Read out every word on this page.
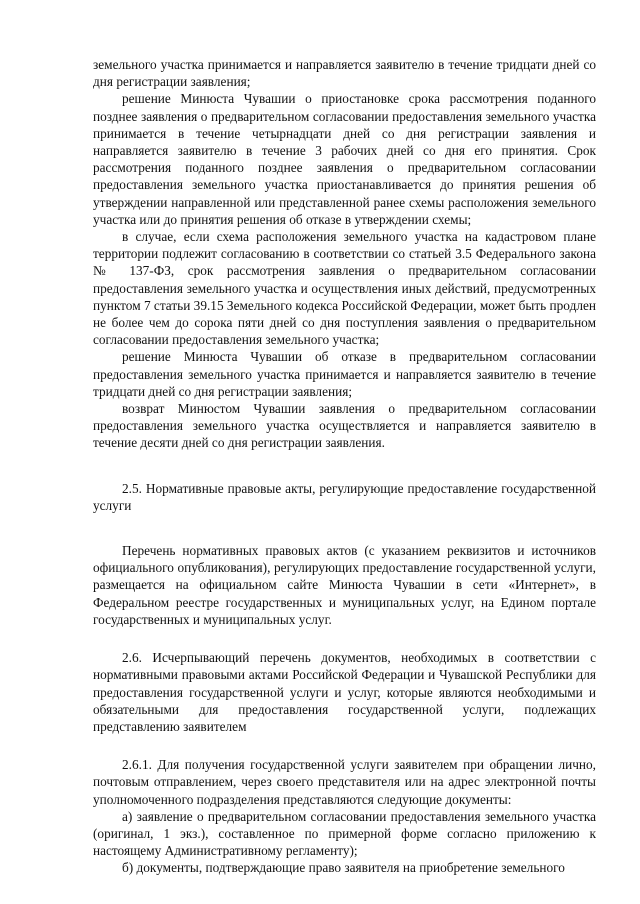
земельного участка принимается и направляется заявителю в течение тридцати дней со дня регистрации заявления;

решение Минюста Чувашии о приостановке срока рассмотрения поданного позднее заявления о предварительном согласовании предоставления земельного участка принимается в течение четырнадцати дней со дня регистрации заявления и направляется заявителю в течение 3 рабочих дней со дня его принятия. Срок рассмотрения поданного позднее заявления о предварительном согласовании предоставления земельного участка приостанавливается до принятия решения об утверждении направленной или представленной ранее схемы расположения земельного участка или до принятия решения об отказе в утверждении схемы;

в случае, если схема расположения земельного участка на кадастровом плане территории подлежит согласованию в соответствии со статьей 3.5 Федерального закона № 137-ФЗ, срок рассмотрения заявления о предварительном согласовании предоставления земельного участка и осуществления иных действий, предусмотренных пунктом 7 статьи 39.15 Земельного кодекса Российской Федерации, может быть продлен не более чем до сорока пяти дней со дня поступления заявления о предварительном согласовании предоставления земельного участка;

решение Минюста Чувашии об отказе в предварительном согласовании предоставления земельного участка принимается и направляется заявителю в течение тридцати дней со дня регистрации заявления;

возврат Минюстом Чувашии заявления о предварительном согласовании предоставления земельного участка осуществляется и направляется заявителю в течение десяти дней со дня регистрации заявления.

2.5. Нормативные правовые акты, регулирующие предоставление государственной услуги

Перечень нормативных правовых актов (с указанием реквизитов и источников официального опубликования), регулирующих предоставление государственной услуги, размещается на официальном сайте Минюста Чувашии в сети «Интернет», в Федеральном реестре государственных и муниципальных услуг, на Едином портале государственных и муниципальных услуг.

2.6. Исчерпывающий перечень документов, необходимых в соответствии с нормативными правовыми актами Российской Федерации и Чувашской Республики для предоставления государственной услуги и услуг, которые являются необходимыми и обязательными для предоставления государственной услуги, подлежащих представлению заявителем

2.6.1. Для получения государственной услуги заявителем при обращении лично, почтовым отправлением, через своего представителя или на адрес электронной почты уполномоченного подразделения представляются следующие документы:

а) заявление о предварительном согласовании предоставления земельного участка (оригинал, 1 экз.), составленное по примерной форме согласно приложению к настоящему Административному регламенту);

б) документы, подтверждающие право заявителя на приобретение земельного
